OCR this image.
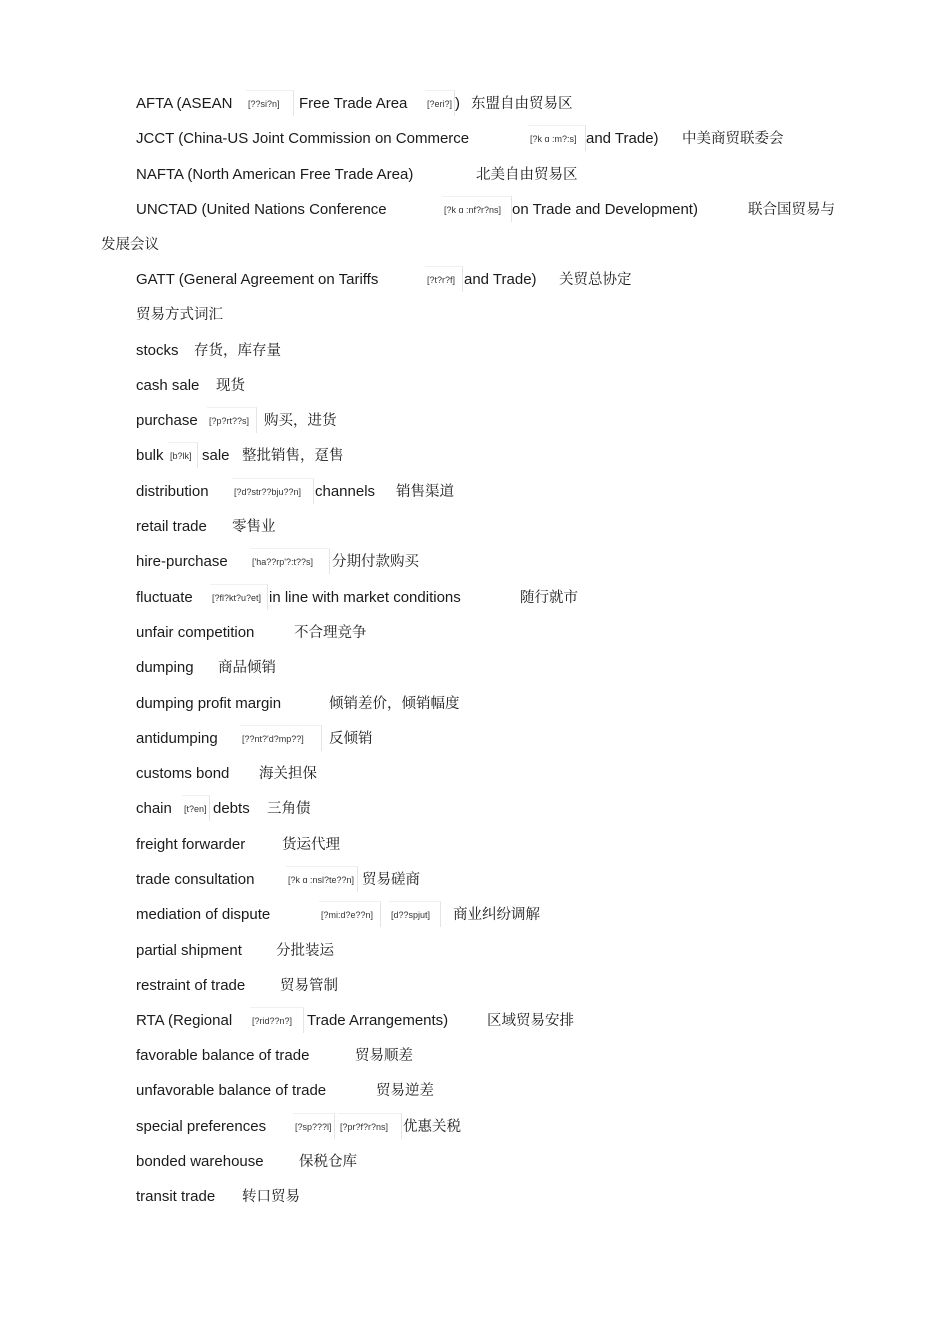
AFTA (ASEAN [??si?n]	Free Trade Area [?eri?] ) 东盟自由贸易区
JCCT (China-US Joint Commission on Commerce	[?k ɑ :m?:s] and Trade) 中美商贸联委会
NAFTA (North American Free Trade Area)	北美自由贸易区
UNCTAD (United Nations Conference	[?k ɑ :nf?r?ns] on Trade and Development)	联合国贸易与
发展会议
GATT (General Agreement on Tariffs	[?t?r?f] and Trade) 关贸总协定
贸易方式词汇
stocks 存货，库存量
cash sale 现货
purchase [?p?rt??s]	购买，进货
bulk [b?lk] sale 整批销售，趸售
distribution	[?d?str??bju??n] channels 销售渠道
retail trade 零售业
hire-purchase	['ha??rp'?:t??s]	分期付款购买
fluctuate [?fl?kt?u?et] in line with market conditions	随行就市
unfair competition	不合理竞争
dumping 商品倾销
dumping profit margin	倾销差价，倾销幅度
antidumping	[??nt?'d?mp??]	反倾销
customs bond 海关担保
chain [t?en] debts 三角债
freight forwarder	货运代理
trade consultation	[?k ɑ :nsl?te??n] 贸易磋商
mediation of dispute	[?mi:d?e??n]	[d??spjut]	商业纠纷调解
partial shipment 分批装运
restraint of trade 贸易管制
RTA (Regional [?rid??n?] Trade Arrangements)	区域贸易安排
favorable balance of trade	贸易顺差
unfavorable balance of trade	贸易逆差
special preferences	[?sp???l] [?pr?f?r?ns]	优惠关税
bonded warehouse 保税仓库
transit trade 转口贸易
